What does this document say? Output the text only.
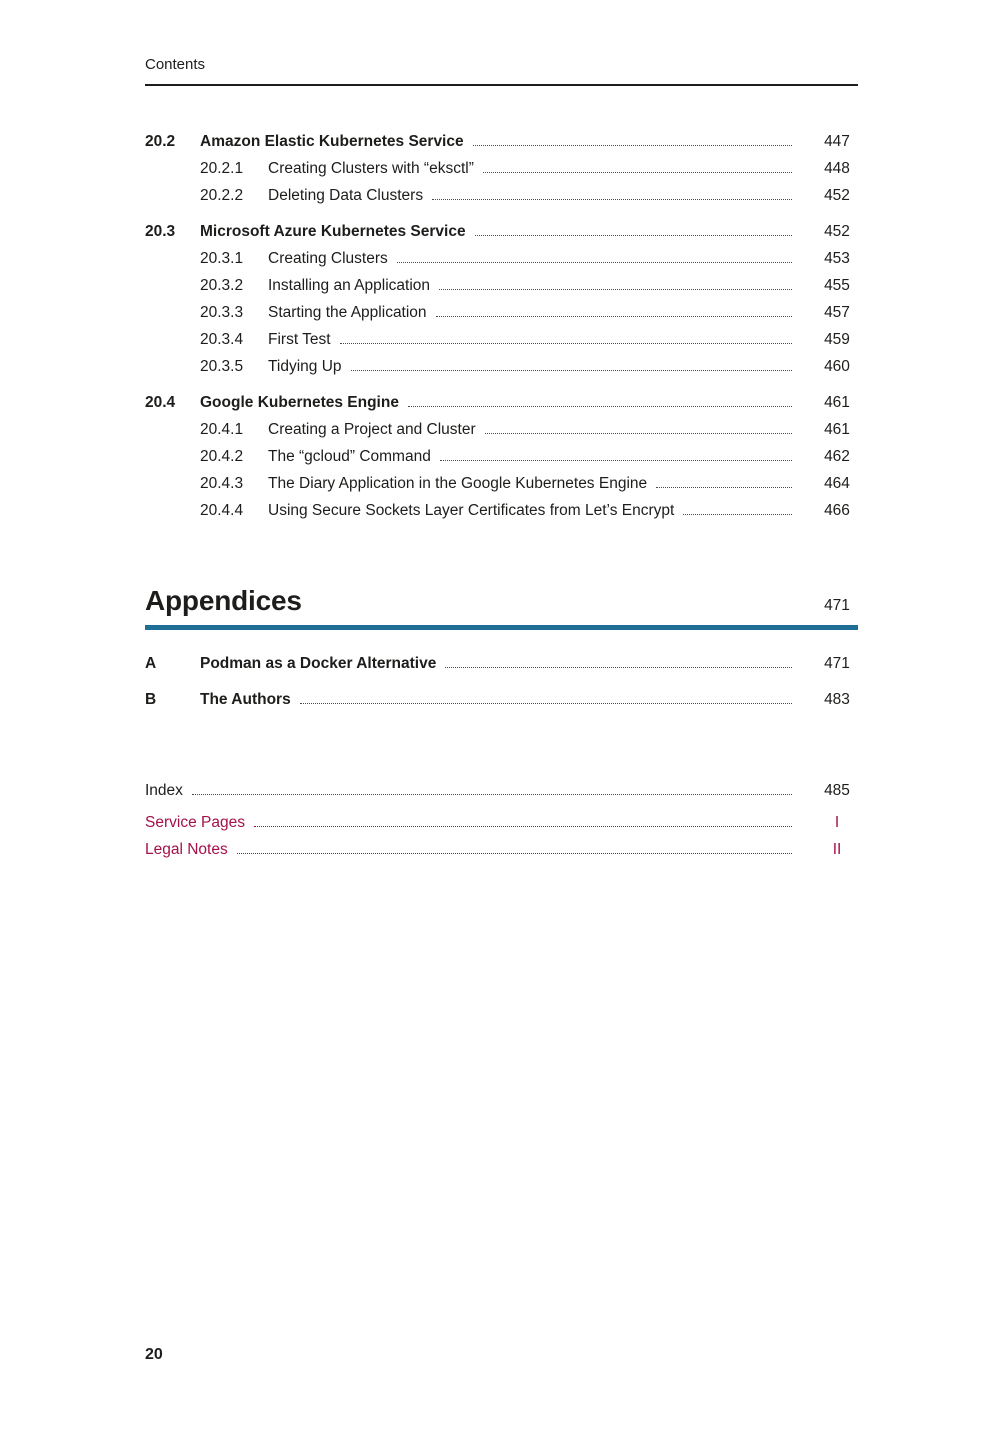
Contents
20.2	Amazon Elastic Kubernetes Service	447
20.2.1	Creating Clusters with “eksctl”	448
20.2.2	Deleting Data Clusters	452
20.3	Microsoft Azure Kubernetes Service	452
20.3.1	Creating Clusters	453
20.3.2	Installing an Application	455
20.3.3	Starting the Application	457
20.3.4	First Test	459
20.3.5	Tidying Up	460
20.4	Google Kubernetes Engine	461
20.4.1	Creating a Project and Cluster	461
20.4.2	The “gcloud” Command	462
20.4.3	The Diary Application in the Google Kubernetes Engine	464
20.4.4	Using Secure Sockets Layer Certificates from Let’s Encrypt	466
Appendices	471
A	Podman as a Docker Alternative	471
B	The Authors	483
Index	485
Service Pages	I
Legal Notes	II
20
